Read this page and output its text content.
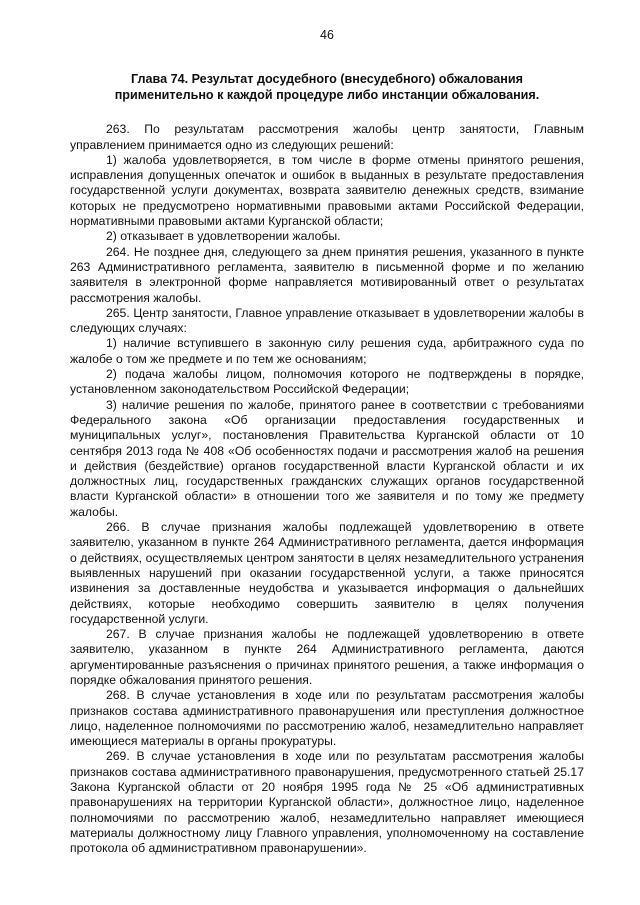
46
Глава 74. Результат досудебного (внесудебного) обжалования
применительно к каждой процедуре либо инстанции обжалования.

263. По результатам рассмотрения жалобы центр занятости, Главным управлением принимается одно из следующих решений:

1) жалоба удовлетворяется, в том числе в форме отмены принятого решения, исправления допущенных опечаток и ошибок в выданных в результате предоставления государственной услуги документах, возврата заявителю денежных средств, взимание которых не предусмотрено нормативными правовыми актами Российской Федерации, нормативными правовыми актами Курганской области;

2) отказывает в удовлетворении жалобы.

264. Не позднее дня, следующего за днем принятия решения, указанного в пункте 263 Административного регламента, заявителю в письменной форме и по желанию заявителя в электронной форме направляется мотивированный ответ о результатах рассмотрения жалобы.

265. Центр занятости, Главное управление отказывает в удовлетворении жалобы в следующих случаях:

1) наличие вступившего в законную силу решения суда, арбитражного суда по жалобе о том же предмете и по тем же основаниям;

2) подача жалобы лицом, полномочия которого не подтверждены в порядке, установленном законодательством Российской Федерации;

3) наличие решения по жалобе, принятого ранее в соответствии с требованиями Федерального закона «Об организации предоставления государственных и муниципальных услуг», постановления Правительства Курганской области от 10 сентября 2013 года № 408 «Об особенностях подачи и рассмотрения жалоб на решения и действия (бездействие) органов государственной власти Курганской области и их должностных лиц, государственных гражданских служащих органов государственной власти Курганской области» в отношении того же заявителя и по тому же предмету жалобы.

266. В случае признания жалобы подлежащей удовлетворению в ответе заявителю, указанном в пункте 264 Административного регламента, дается информация о действиях, осуществляемых центром занятости в целях незамедлительного устранения выявленных нарушений при оказании государственной услуги, а также приносятся извинения за доставленные неудобства и указывается информация о дальнейших действиях, которые необходимо совершить заявителю в целях получения государственной услуги.

267. В случае признания жалобы не подлежащей удовлетворению в ответе заявителю, указанном в пункте 264 Административного регламента, даются аргументированные разъяснения о причинах принятого решения, а также информация о порядке обжалования принятого решения.

268. В случае установления в ходе или по результатам рассмотрения жалобы признаков состава административного правонарушения или преступления должностное лицо, наделенное полномочиями по рассмотрению жалоб, незамедлительно направляет имеющиеся материалы в органы прокуратуры.

269. В случае установления в ходе или по результатам рассмотрения жалобы признаков состава административного правонарушения, предусмотренного статьей 25.17 Закона Курганской области от 20 ноября 1995 года № 25 «Об административных правонарушениях на территории Курганской области», должностное лицо, наделенное полномочиями по рассмотрению жалоб, незамедлительно направляет имеющиеся материалы должностному лицу Главного управления, уполномоченному на составление протокола об административном правонарушении».
